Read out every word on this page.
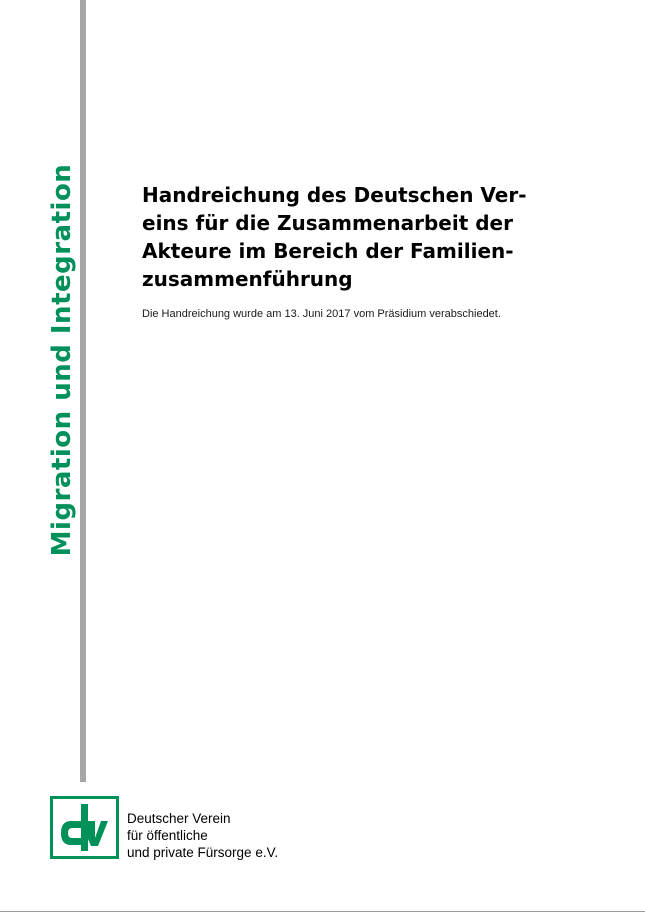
Migration und Integration	Handreichung des Deutschen Ver-
eins für die Zusammenarbeit der
Akteure im Bereich der Familien-
zusammenführung
Die Handreichung wurde am 13. Juni 2017 vom Präsidium verabschiedet.
Deutscher Verein
für öffentliche
und private Fürsorge e.V.
